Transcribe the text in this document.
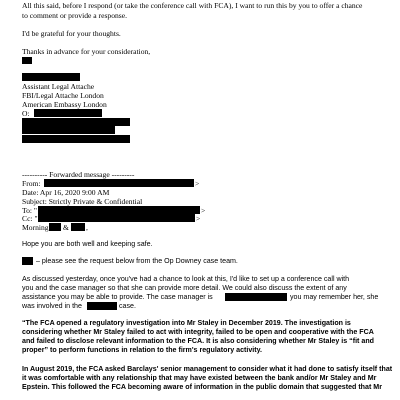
All this said, before I respond (or take the conference call with FCA), I want to run this by you to offer a chance
to comment or provide a response.
I'd be grateful for your thoughts.
Thanks in advance for your consideration,
Assistant Legal Attache
FBI/Legal Attache London
American Embassy London
O:
---------- Forwarded message ---------
From:	>
Date: Apr 16, 2020 9:00 AM
Subject: Strictly Private & Confidential
To: "	>
Cc: "	>
Morning & ,
Hope you are both well and keeping safe.
– please see the request below from the Op Downey case team.
As discussed yesterday, once you've had a chance to look at this, I'd like to set up a conference call with
you and the case manager so that she can provide more detail. We could also discuss the extent of any
assistance you may be able to provide. The case manager is	you may remember her, she
was involved in the	case.
“The FCA opened a regulatory investigation into Mr Staley in December 2019. The investigation is
considering whether Mr Staley failed to act with integrity, failed to be open and cooperative with the FCA
and failed to disclose relevant information to the FCA. It is also considering whether Mr Staley is “fit and
proper” to perform functions in relation to the firm's regulatory activity.
In August 2019, the FCA asked Barclays' senior management to consider what it had done to satisfy itself that
it was comfortable with any relationship that may have existed between the bank and/or Mr Staley and Mr
Epstein. This followed the FCA becoming aware of information in the public domain that suggested that Mr
